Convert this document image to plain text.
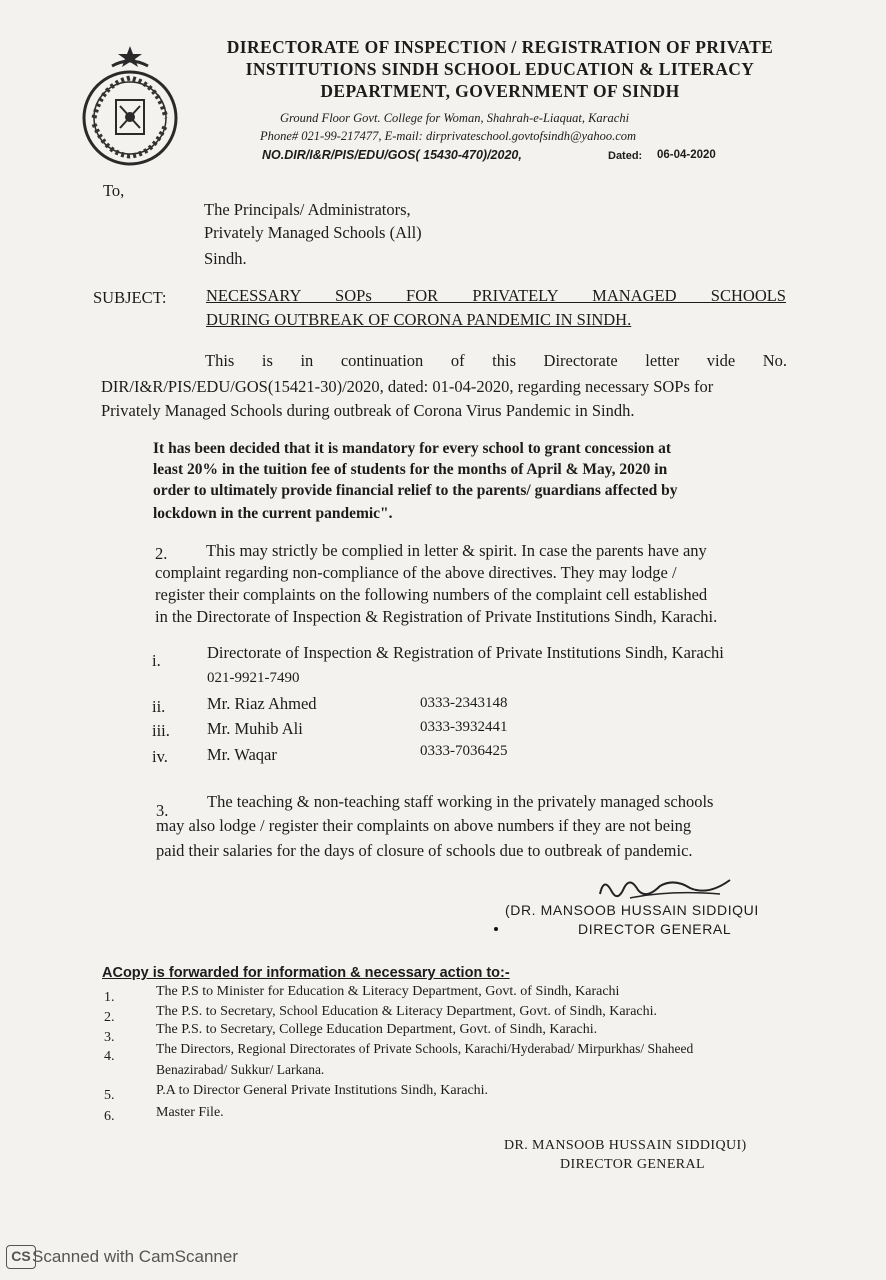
DIRECTORATE OF INSPECTION / REGISTRATION OF PRIVATE
INSTITUTIONS SINDH SCHOOL EDUCATION & LITERACY
DEPARTMENT, GOVERNMENT OF SINDH
Ground Floor Govt. College for Woman, Shahrah-e-Liaquat, Karachi
Phone# 021-99-217477, E-mail: dirprivateschool.govtofsindh@yahoo.com
NO.DIR/I&R/PIS/EDU/GOS( 15430-470)/2020,	Dated: 06-04-2020
To,
The Principals/ Administrators,
Privately Managed Schools (All)
Sindh.
SUBJECT: NECESSARY SOPs FOR PRIVATELY MANAGED SCHOOLS
DURING OUTBREAK OF CORONA PANDEMIC IN SINDH.
This is in continuation of this Directorate letter vide No.
DIR/I&R/PIS/EDU/GOS(15421-30)/2020, dated: 01-04-2020, regarding necessary SOPs for
Privately Managed Schools during outbreak of Corona Virus Pandemic in Sindh.
It has been decided that it is mandatory for every school to grant concession at
least 20% in the tuition fee of students for the months of April & May, 2020 in
order to ultimately provide financial relief to the parents/ guardians affected by
lockdown in the current pandemic".
2. This may strictly be complied in letter & spirit. In case the parents have any
complaint regarding non-compliance of the above directives. They may lodge /
register their complaints on the following numbers of the complaint cell established
in the Directorate of Inspection & Registration of Private Institutions Sindh, Karachi.
i.	Directorate of Inspection & Registration of Private Institutions Sindh, Karachi
021-9921-7490
ii.	Mr. Riaz Ahmed	0333-2343148
iii. Mr. Muhib Ali	0333-3932441
iv. Mr. Waqar	0333-7036425
3. The teaching & non-teaching staff working in the privately managed schools
may also lodge / register their complaints on above numbers if they are not being
paid their salaries for the days of closure of schools due to outbreak of pandemic.
(DR. MANSOOB HUSSAIN SIDDIQUI
DIRECTOR GENERAL
ACopy is forwarded for information & necessary action to:-
1.	The P.S to Minister for Education & Literacy Department, Govt. of Sindh, Karachi
2.	The P.S. to Secretary, School Education & Literacy Department, Govt. of Sindh, Karachi.
3.
The P.S. to Secretary, College Education Department, Govt. of Sindh, Karachi.
4.
The Directors, Regional Directorates of Private Schools, Karachi/Hyderabad/ Mirpurkhas/ Shaheed
Benazirabad/ Sukkur/ Larkana.
5.	P.A to Director General Private Institutions Sindh, Karachi.
6.	Master File.
DR. MANSOOB HUSSAIN SIDDIQUI)
DIRECTOR GENERAL
CS Scanned with CamScanner
